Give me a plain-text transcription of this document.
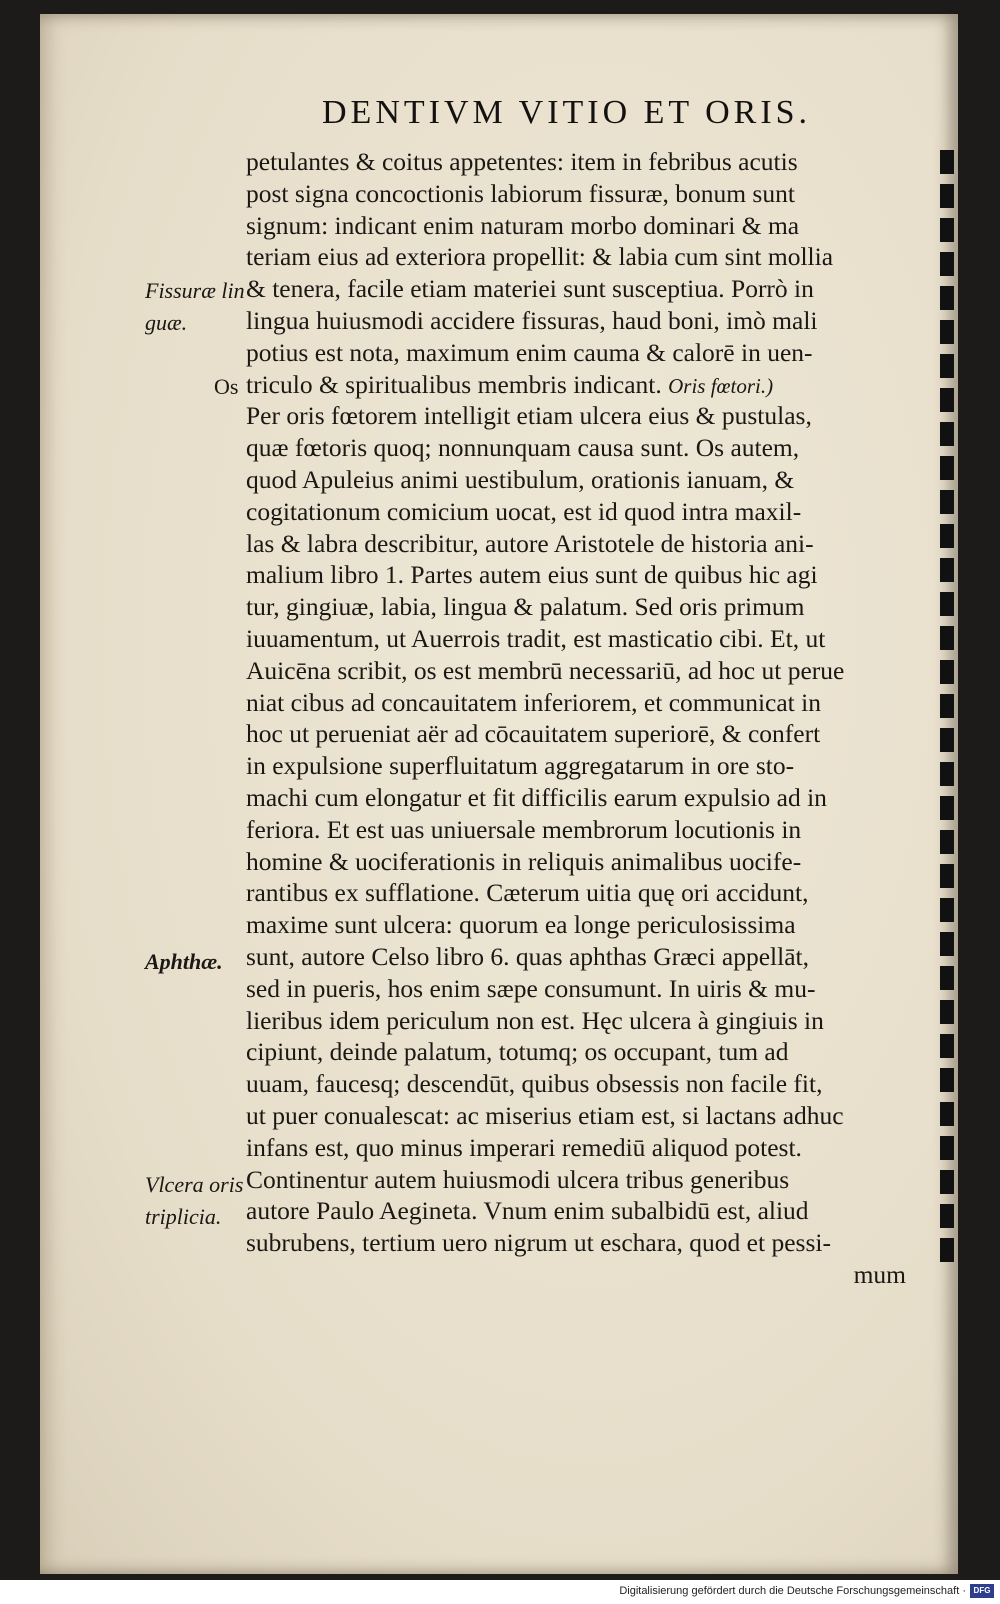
DENTIVM VITIO ET ORIS.
petulantes & coitus appetentes: item in febribus acutis
post signa concoctionis labiorum fissuræ, bonum sunt
signum: indicant enim naturam morbo dominari & ma
teriam eius ad exteriora propellit: & labia cum sint mollia
& tenera, facile etiam materiei sunt susceptiua. Porrò in
lingua huiusmodi accidere fissuras, haud boni, imò mali
potius est nota, maximum enim cauma & calorē in uen-
triculo & spiritualibus membris indicant. Oris fœtori.)
Per oris fœtorem intelligit etiam ulcera eius & pustulas,
quæ fœtoris quoq; nonnunquam causa sunt. Os autem,
quod Apuleius animi uestibulum, orationis ianuam, &
cogitationum comicium uocat, est id quod intra maxil-
las & labra describitur, autore Aristotele de historia ani-
malium libro 1. Partes autem eius sunt de quibus hic agi
tur, gingiuæ, labia, lingua & palatum. Sed oris primum
iuuamentum, ut Auerrois tradit, est masticatio cibi. Et, ut
Auicēna scribit, os est membrū necessariū, ad hoc ut perue
niat cibus ad concauitatem inferiorem, et communicat in
hoc ut perueniat aër ad cōcauitatem superiorē, & confert
in expulsione superfluitatum aggregatarum in ore sto-
machi cum elongatur et fit difficilis earum expulsio ad in
feriora. Et est uas uniuersale membrorum locutionis in
homine & uociferationis in reliquis animalibus uocife-
rantibus ex sufflatione. Cæterum uitia quę ori accidunt,
maxime sunt ulcera: quorum ea longe periculosissima
sunt, autore Celso libro 6. quas aphthas Græci appellāt,
sed in pueris, hos enim sæpe consumunt. In uiris & mu-
lieribus idem periculum non est. Hęc ulcera à gingiuis in
cipiunt, deinde palatum, totumq; os occupant, tum ad
uuam, faucesq; descendūt, quibus obsessis non facile fit,
ut puer conualescat: ac miserius etiam est, si lactans adhuc
infans est, quo minus imperari remediū aliquod potest.
Continentur autem huiusmodi ulcera tribus generibus
autore Paulo Aegineta. Vnum enim subalbidū est, aliud
subrubens, tertium uero nigrum ut eschara, quod et pessi-
mum
Fissuræ lin
guæ.
Os
Aphthæ.
Vlcera oris
triplicia.
Digitalisierung gefördert durch die Deutsche Forschungsgemeinschaft · DFG
